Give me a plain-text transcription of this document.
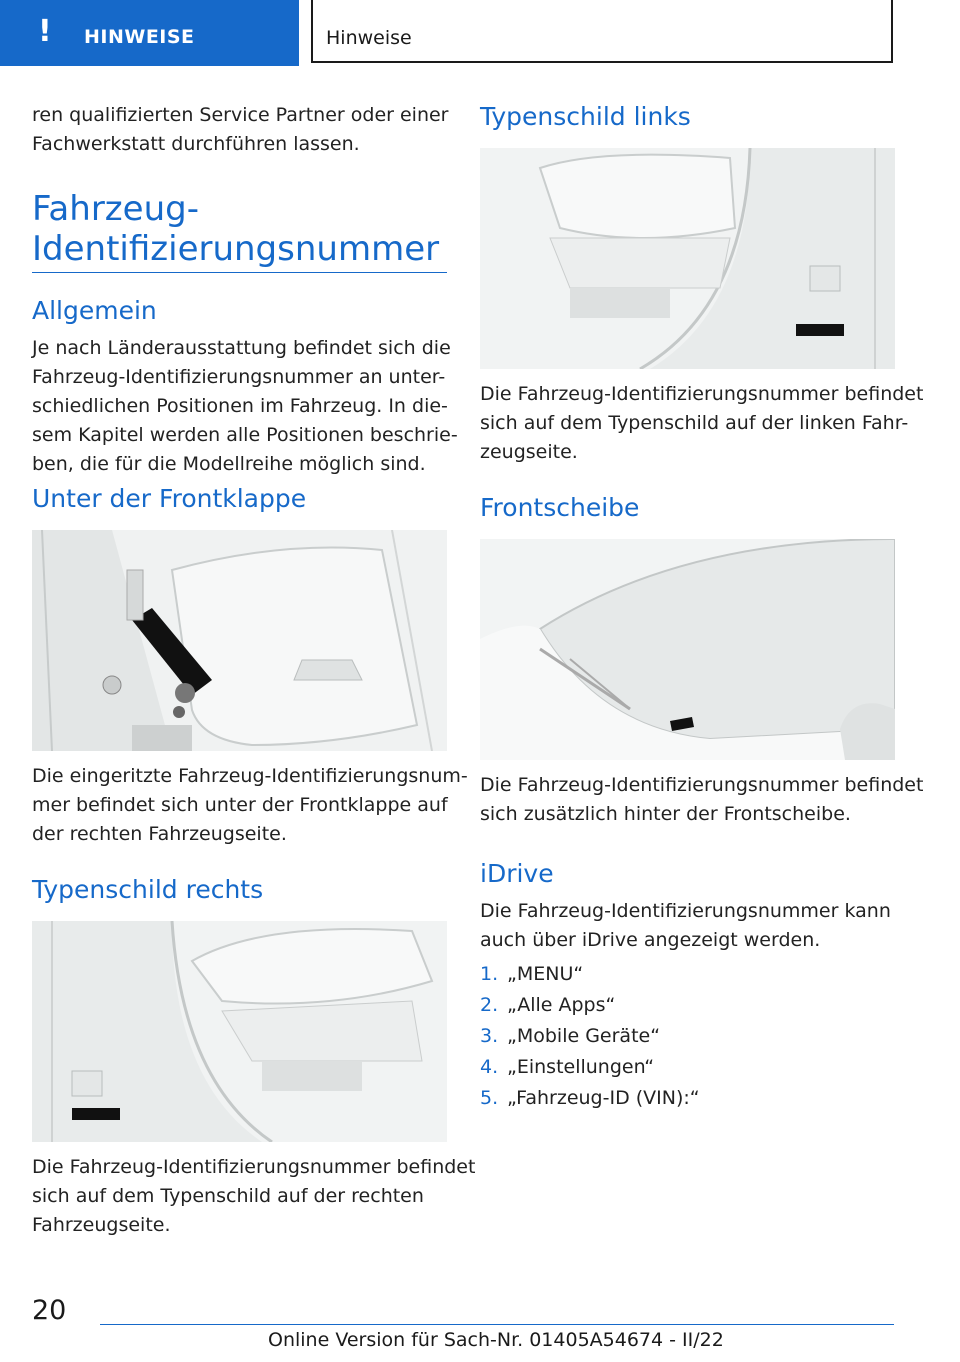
! HINWEISE	Hinweise
ren qualifizierten Service Partner oder einer
Fachwerkstatt durchführen lassen.
Fahrzeug-
Identifizierungsnummer
Allgemein
Je nach Länderausstattung befindet sich die
Fahrzeug-Identifizierungsnummer an unter-
schiedlichen Positionen im Fahrzeug. In die-
sem Kapitel werden alle Positionen beschrie-
ben, die für die Modellreihe möglich sind.
Unter der Frontklappe
Die eingeritzte Fahrzeug-Identifizierungsnum-
mer befindet sich unter der Frontklappe auf
der rechten Fahrzeugseite.
Typenschild rechts
Die Fahrzeug-Identifizierungsnummer befindet
sich auf dem Typenschild auf der rechten
Fahrzeugseite.
Typenschild links
Die Fahrzeug-Identifizierungsnummer befindet
sich auf dem Typenschild auf der linken Fahr-
zeugseite.
Frontscheibe
Die Fahrzeug-Identifizierungsnummer befindet
sich zusätzlich hinter der Frontscheibe.
iDrive
Die Fahrzeug-Identifizierungsnummer kann
auch über iDrive angezeigt werden.
1. „MENU“
2. „Alle Apps“
3. „Mobile Geräte“
4. „Einstellungen“
5. „Fahrzeug-ID (VIN):“
20
Online Version für Sach-Nr. 01405A54674 - II/22
